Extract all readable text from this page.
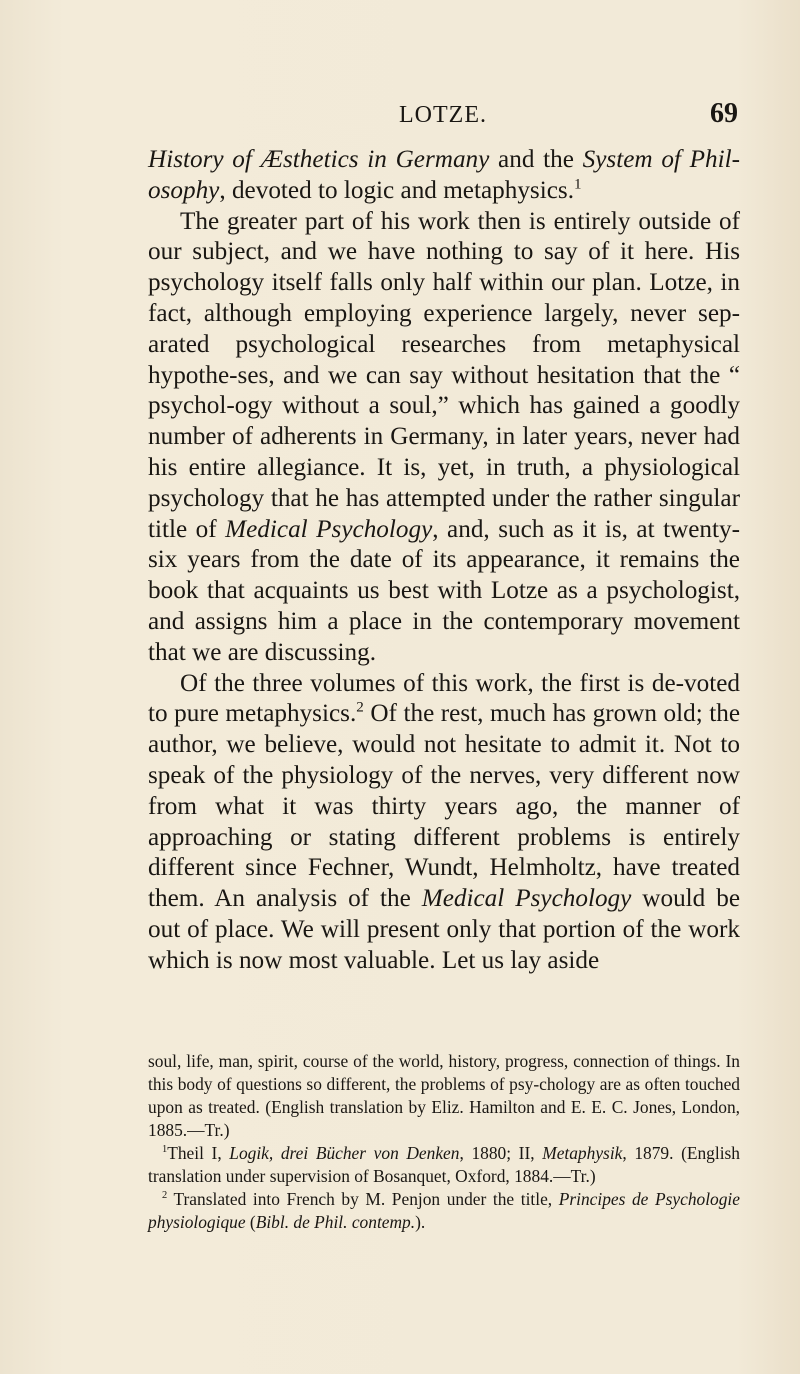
LOTZE.	69

History of Æsthetics in Germany and the System of Phil-osophy, devoted to logic and metaphysics.$^1$

The greater part of his work then is entirely outside of our subject, and we have nothing to say of it here. His psychology itself falls only half within our plan. Lotze, in fact, although employing experience largely, never sep-arated psychological researches from metaphysical hypothe-ses, and we can say without hesitation that the “ psychol-ogy without a soul,” which has gained a goodly number of adherents in Germany, in later years, never had his entire allegiance. It is, yet, in truth, a physiological psychology that he has attempted under the rather singular title of Medical Psychology, and, such as it is, at twenty-six years from the date of its appearance, it remains the book that acquaints us best with Lotze as a psychologist, and assigns him a place in the contemporary movement that we are discussing.

Of the three volumes of this work, the first is de-voted to pure metaphysics.$^2$ Of the rest, much has grown old; the author, we believe, would not hesitate to admit it. Not to speak of the physiology of the nerves, very different now from what it was thirty years ago, the manner of approaching or stating different problems is entirely different since Fechner, Wundt, Helmholtz, have treated them. An analysis of the Medical Psychology would be out of place. We will present only that portion of the work which is now most valuable. Let us lay aside

soul, life, man, spirit, course of the world, history, progress, connection of things. In this body of questions so different, the problems of psy-chology are as often touched upon as treated. (English translation by Eliz. Hamilton and E. E. C. Jones, London, 1885.—Tr.)

$^1$Theil I, Logik, drei Bücher von Denken, 1880; II, Metaphysik, 1879. (English translation under supervision of Bosanquet, Oxford, 1884.—Tr.)

$^2$ Translated into French by M. Penjon under the title, Principes de Psychologie physiologique (Bibl. de Phil. contemp.).
